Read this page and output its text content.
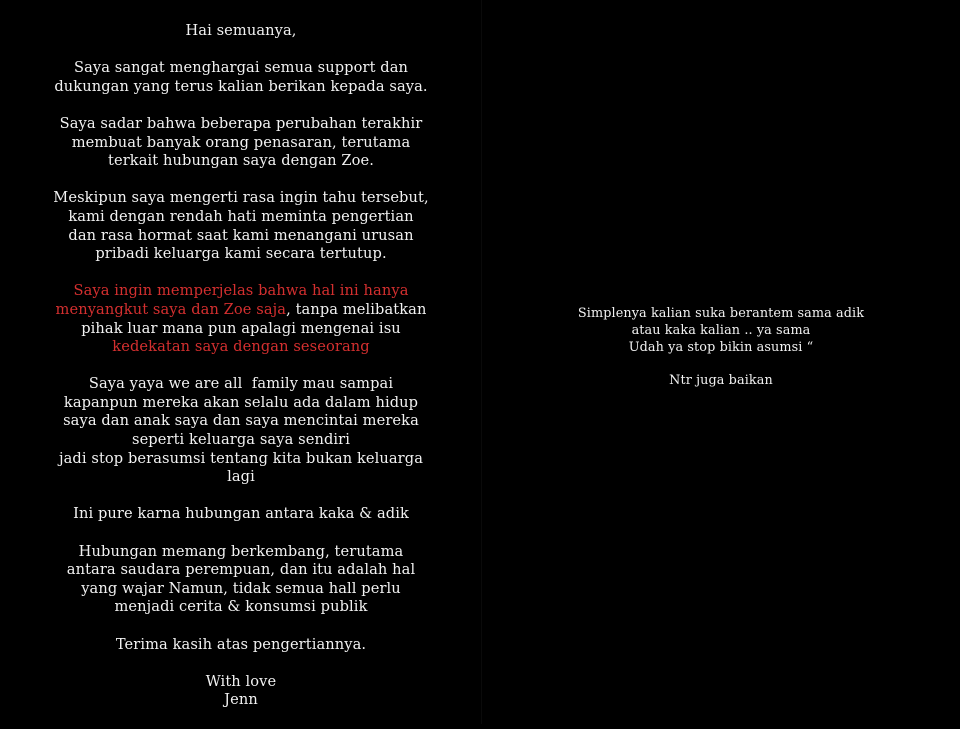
Hai semuanya,

Saya sangat menghargai semua support dan
dukungan yang terus kalian berikan kepada saya.

Saya sadar bahwa beberapa perubahan terakhir
membuat banyak orang penasaran, terutama
terkait hubungan saya dengan Zoe.

Meskipun saya mengerti rasa ingin tahu tersebut,
kami dengan rendah hati meminta pengertian
dan rasa hormat saat kami menangani urusan
pribadi keluarga kami secara tertutup.

Saya ingin memperjelas bahwa hal ini hanya
menyangkut saya dan Zoe saja, tanpa melibatkan
pihak luar mana pun apalagi mengenai isu
kedekatan saya dengan seseorang

Saya yaya we are all  family mau sampai
kapanpun mereka akan selalu ada dalam hidup
saya dan anak saya dan saya mencintai mereka
seperti keluarga saya sendiri
jadi stop berasumsi tentang kita bukan keluarga
lagi

Ini pure karna hubungan antara kaka & adik

Hubungan memang berkembang, terutama
antara saudara perempuan, dan itu adalah hal
yang wajar Namun, tidak semua hall perlu
menjadi cerita & konsumsi publik

Terima kasih atas pengertiannya.

With love
Jenn

Simplenya kalian suka berantem sama adik
atau kaka kalian .. ya sama
Udah ya stop bikin asumsi “

Ntr juga baikan
